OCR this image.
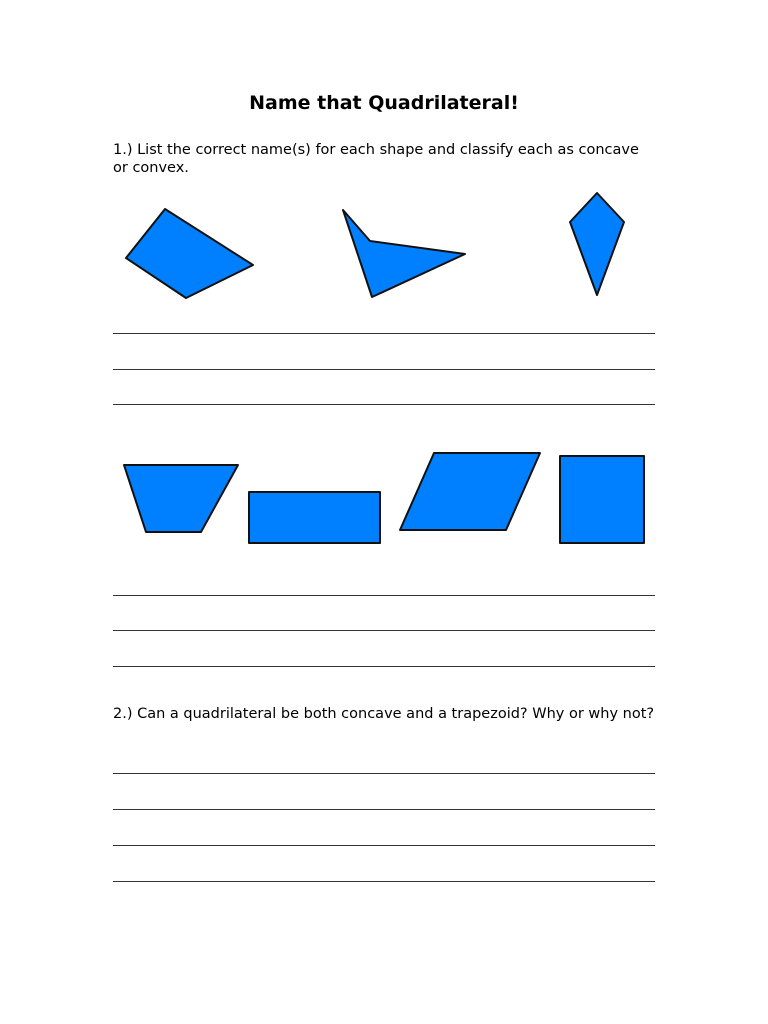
Name that Quadrilateral!

1.) List the correct name(s) for each shape and classify each as concave or convex.

2.) Can a quadrilateral be both concave and a trapezoid? Why or why not?
